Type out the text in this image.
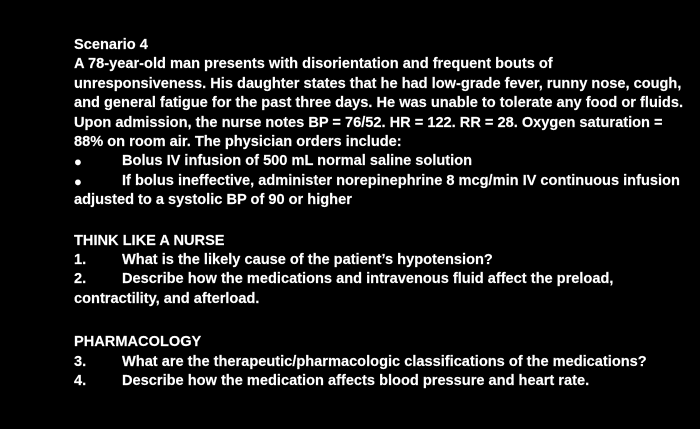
Scenario 4
A 78-year-old man presents with disorientation and frequent bouts of
unresponsiveness. His daughter states that he had low-grade fever, runny nose, cough,
and general fatigue for the past three days. He was unable to tolerate any food or fluids.
Upon admission, the nurse notes BP = 76/52. HR = 122. RR = 28. Oxygen saturation =
88% on room air. The physician orders include:
●	Bolus IV infusion of 500 mL normal saline solution
●	If bolus ineffective, administer norepinephrine 8 mcg/min IV continuous infusion
adjusted to a systolic BP of 90 or higher
THINK LIKE A NURSE
1.	What is the likely cause of the patient’s hypotension?
2.	Describe how the medications and intravenous fluid affect the preload,
contractility, and afterload.
PHARMACOLOGY
3.	What are the therapeutic/pharmacologic classifications of the medications?
4.	Describe how the medication affects blood pressure and heart rate.
